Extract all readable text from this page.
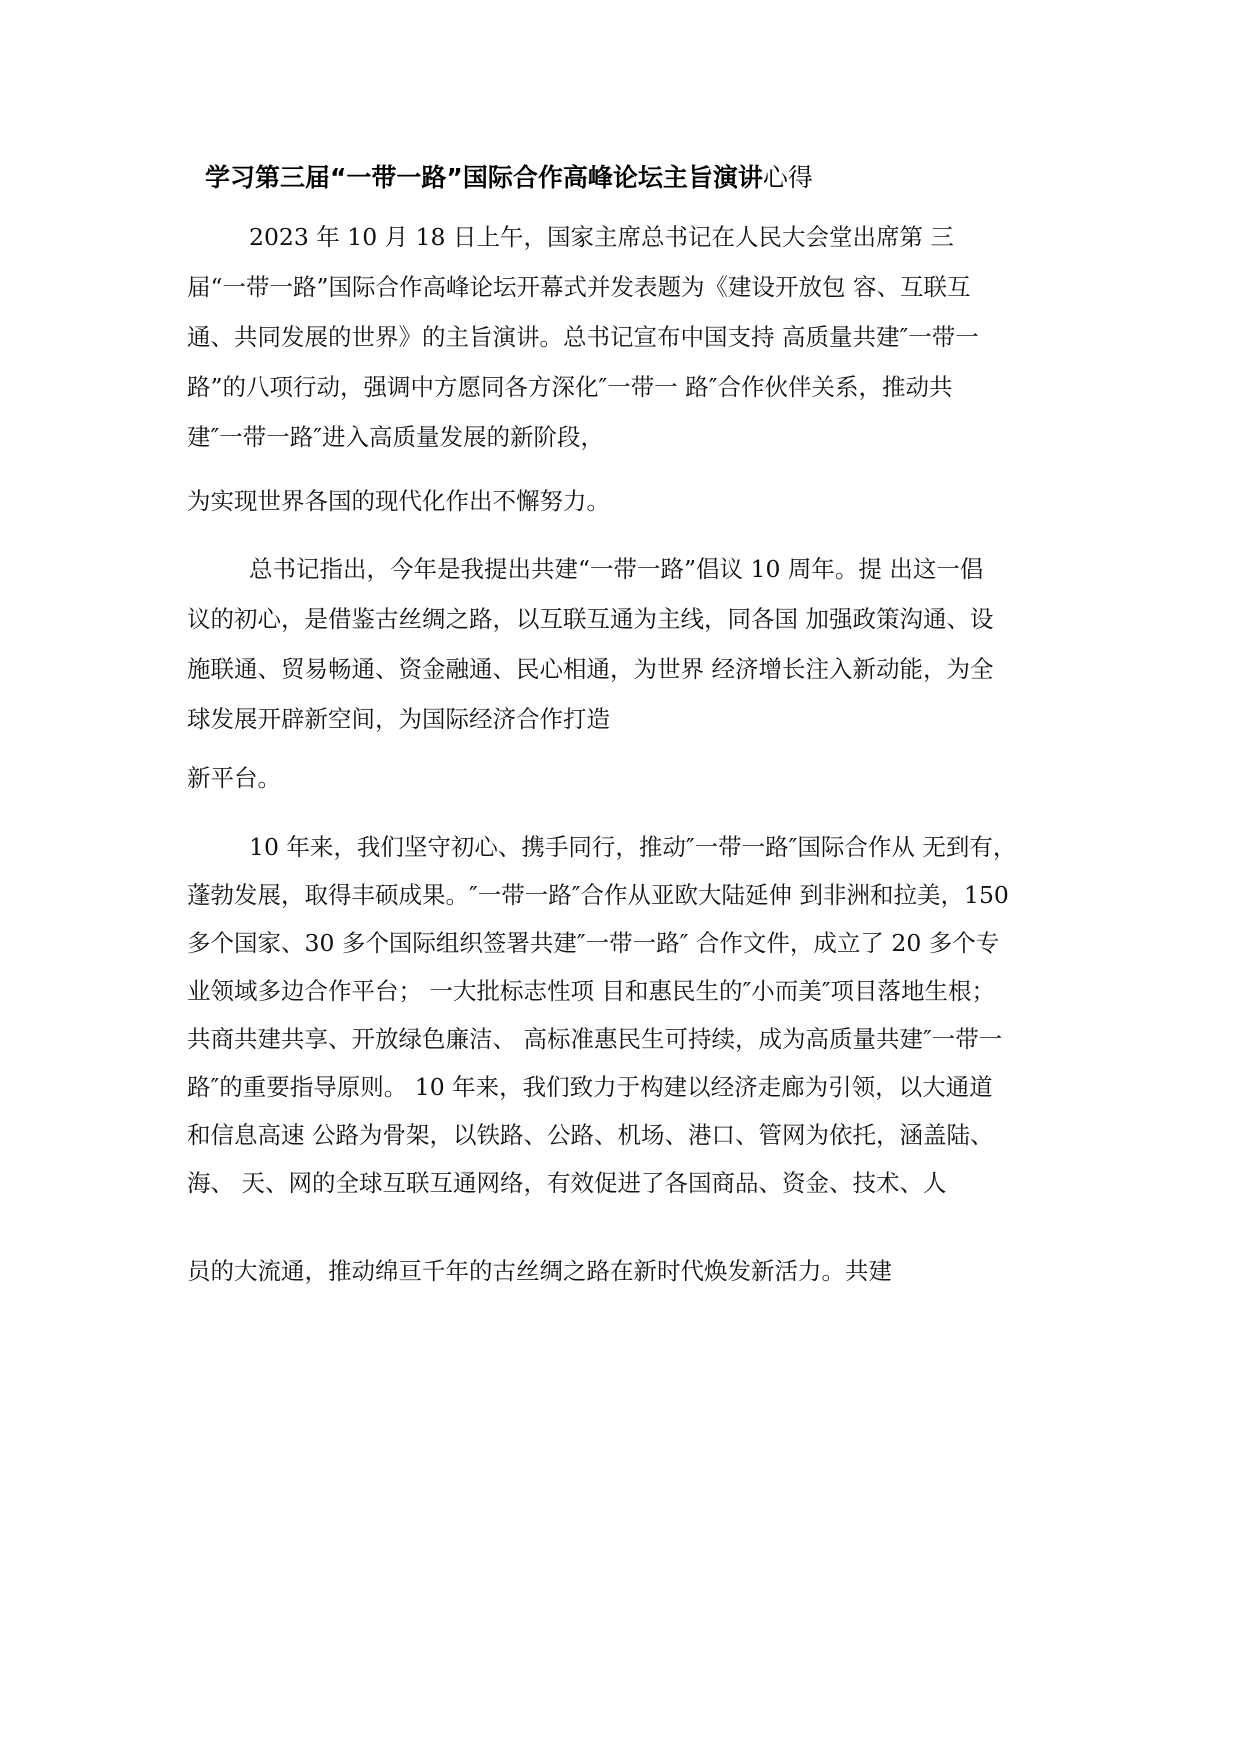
学习第三届“一带一路”国际合作高峰论坛主旨演讲心得
2023 年 10 月 18 日上午，国家主席总书记在人民大会堂出席第 三
届“一带一路”国际合作高峰论坛开幕式并发表题为《建设开放包 容、互联互
通、共同发展的世界》的主旨演讲。总书记宣布中国支持 高质量共建″一带一
路”的八项行动，强调中方愿同各方深化″一带一 路″合作伙伴关系，推动共
建″一带一路″进入高质量发展的新阶段，
为实现世界各国的现代化作出不懈努力。
总书记指出，今年是我提出共建“一带一路”倡议 10 周年。提 出这一倡
议的初心，是借鉴古丝绸之路，以互联互通为主线，同各国 加强政策沟通、设
施联通、贸易畅通、资金融通、民心相通，为世界 经济增长注入新动能，为全
球发展开辟新空间，为国际经济合作打造
新平台。
10 年来，我们坚守初心、携手同行，推动″一带一路″国际合作从 无到有，
蓬勃发展，取得丰硕成果。″一带一路″合作从亚欧大陆延伸 到非洲和拉美，150
多个国家、30 多个国际组织签署共建″一带一路″ 合作文件，成立了 20 多个专
业领域多边合作平台； 一大批标志性项 目和惠民生的″小而美″项目落地生根；
共商共建共享、开放绿色廉洁、 高标准惠民生可持续，成为高质量共建″一带一
路″的重要指导原则。 10 年来，我们致力于构建以经济走廊为引领，以大通道
和信息高速 公路为骨架，以铁路、公路、机场、港口、管网为依托，涵盖陆、
海、 天、网的全球互联互通网络，有效促进了各国商品、资金、技术、人
员的大流通，推动绵亘千年的古丝绸之路在新时代焕发新活力。共建
